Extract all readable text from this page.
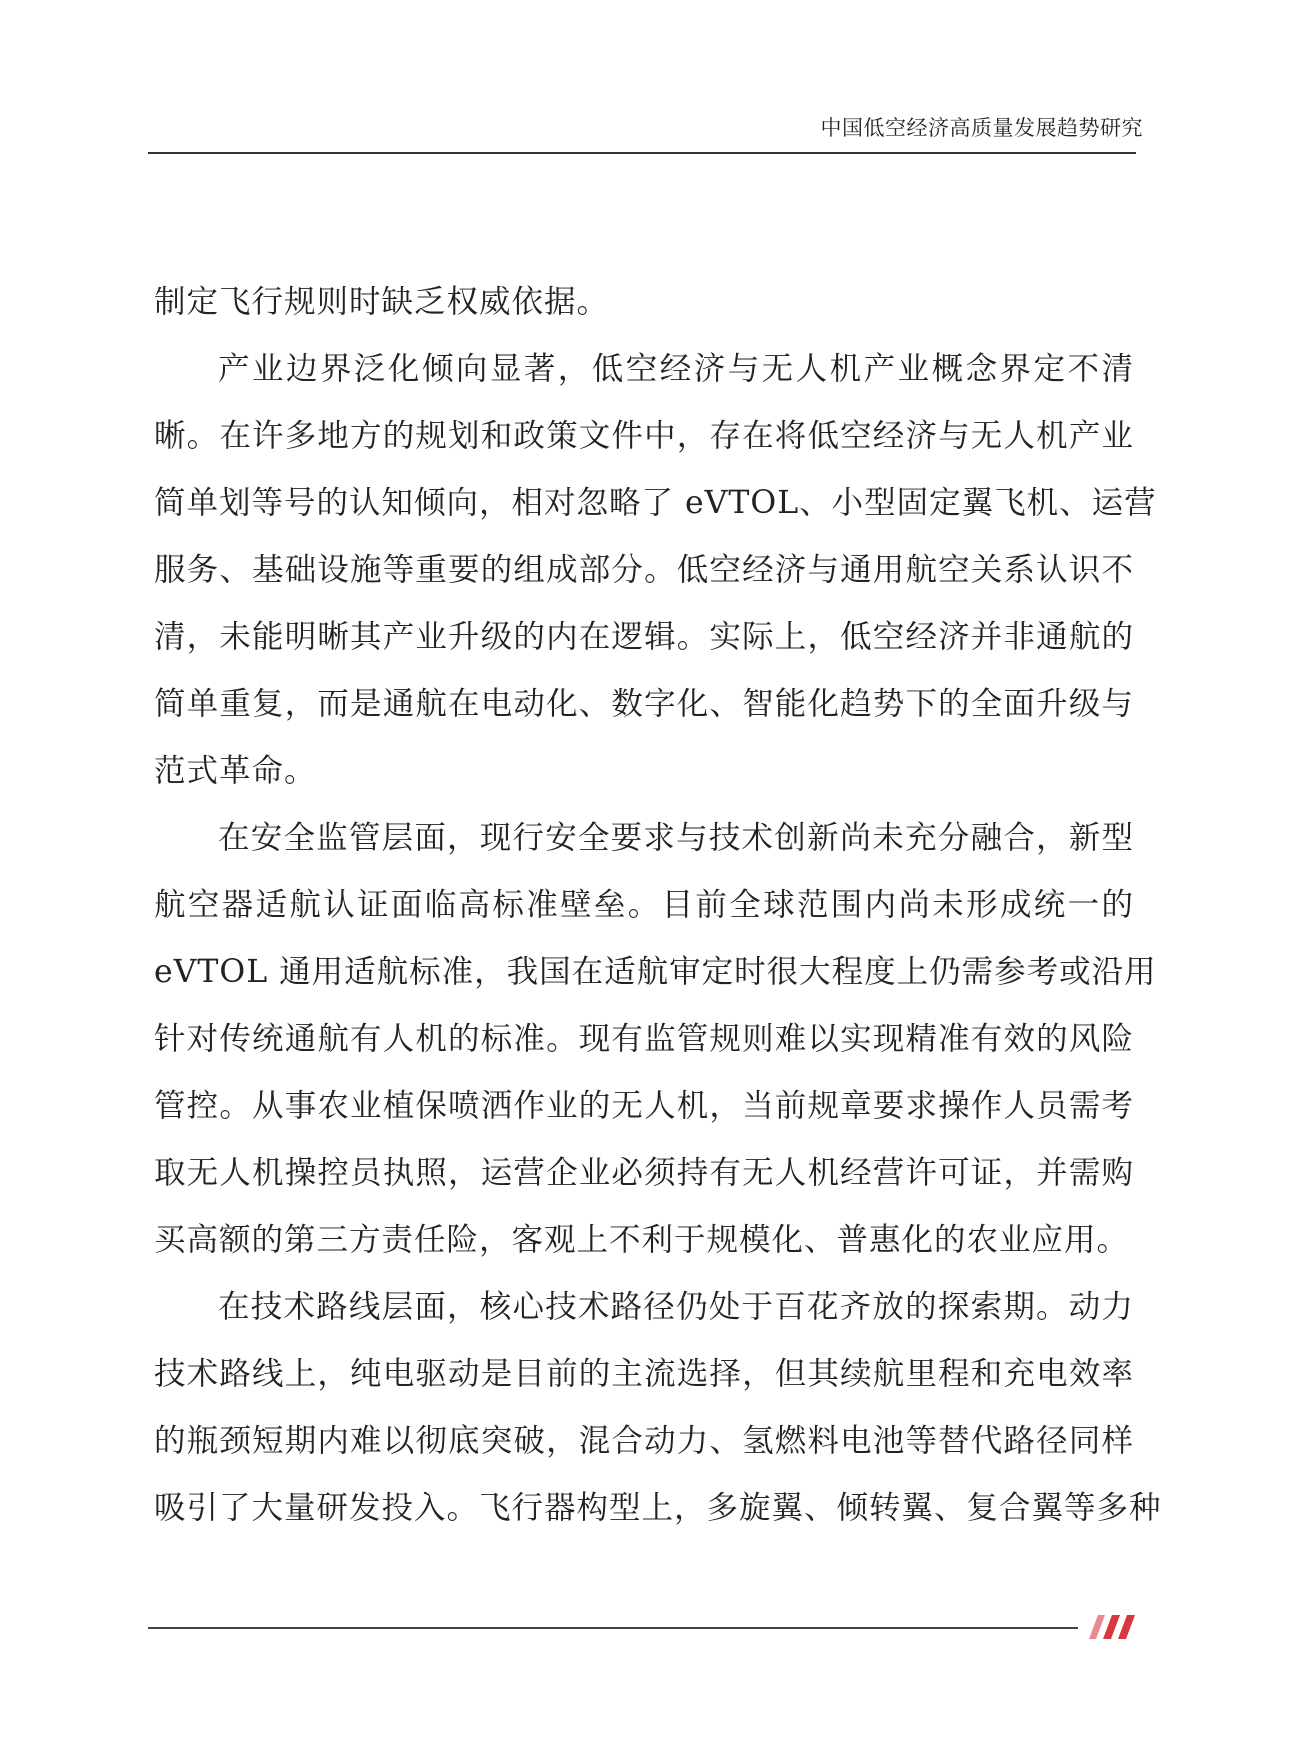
中国低空经济高质量发展趋势研究
制定飞行规则时缺乏权威依据。
产业边界泛化倾向显著，低空经济与无人机产业概念界定不清
晰。在许多地方的规划和政策文件中，存在将低空经济与无人机产业
简单划等号的认知倾向，相对忽略了 eVTOL、小型固定翼飞机、运营
服务、基础设施等重要的组成部分。低空经济与通用航空关系认识不
清，未能明晰其产业升级的内在逻辑。实际上，低空经济并非通航的
简单重复，而是通航在电动化、数字化、智能化趋势下的全面升级与
范式革命。
在安全监管层面，现行安全要求与技术创新尚未充分融合，新型
航空器适航认证面临高标准壁垒。目前全球范围内尚未形成统一的
eVTOL 通用适航标准，我国在适航审定时很大程度上仍需参考或沿用
针对传统通航有人机的标准。现有监管规则难以实现精准有效的风险
管控。从事农业植保喷洒作业的无人机，当前规章要求操作人员需考
取无人机操控员执照，运营企业必须持有无人机经营许可证，并需购
买高额的第三方责任险，客观上不利于规模化、普惠化的农业应用。
在技术路线层面，核心技术路径仍处于百花齐放的探索期。动力
技术路线上，纯电驱动是目前的主流选择，但其续航里程和充电效率
的瓶颈短期内难以彻底突破，混合动力、氢燃料电池等替代路径同样
吸引了大量研发投入。飞行器构型上，多旋翼、倾转翼、复合翼等多种
